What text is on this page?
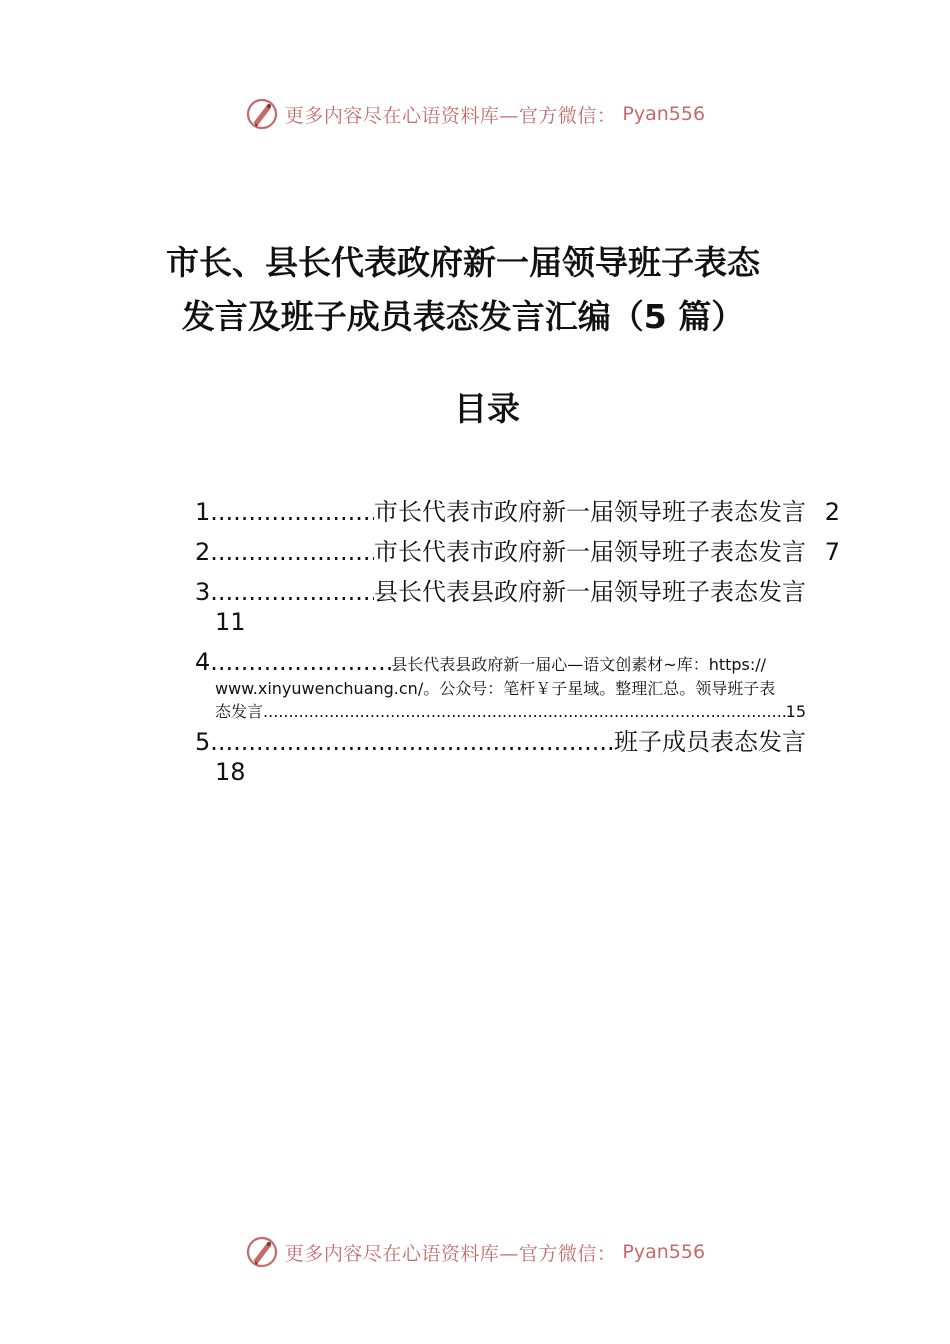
更多内容尽在心语资料库—官方微信： Pyan556
市长、县长代表政府新一届领导班子表态
发言及班子成员表态发言汇编（5 篇）
目录
1 .....	市长代表市政府新一届领导班子表态发言 2
2 .....	市长代表市政府新一届领导班子表态发言 7
3 .....	县长代表县政府新一届领导班子表态发言
11
4 .....	县长代表县政府新一届心—语文创素材~库：https://
www.xinyuwenchuang.cn/。公众号：笔杆￥子星域。整理汇总。领导班子表
态发言 .....	15
5 .....	班子成员表态发言
18
更多内容尽在心语资料库—官方微信： Pyan556
